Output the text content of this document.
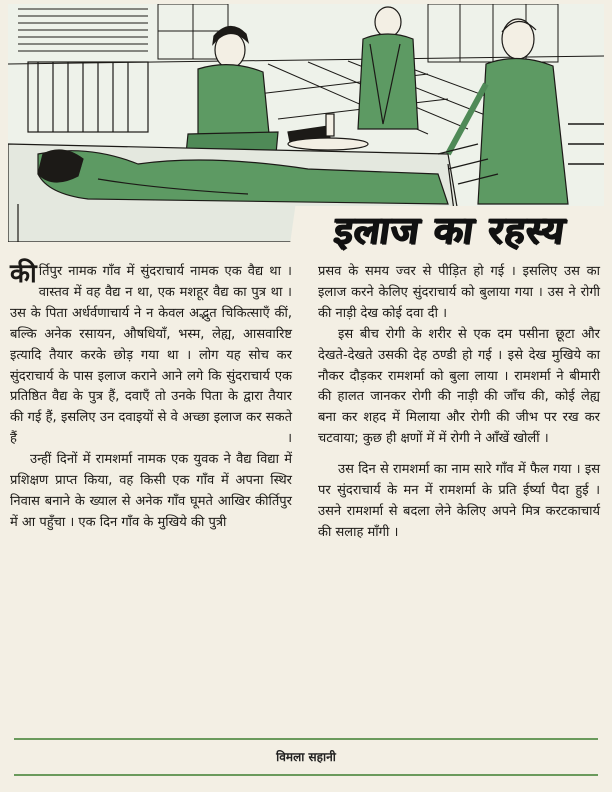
इलाज का रहस्य

कीर्तिपुर नामक गाँव में सुंदराचार्य नामक एक वैद्य था । वास्तव में वह वैद्य न था, एक मशहूर वैद्य का पुत्र था । उस के पिता अर्धर्वणाचार्य ने न केवल अद्भुत चिकित्साएँ कीं, बल्कि अनेक रसायन, औषधियाँ, भस्म, लेह्य, आसवारिष्ट इत्यादि तैयार करके छोड़ गया था । लोग यह सोच कर सुंदराचार्य के पास इलाज कराने आने लगे कि सुंदराचार्य एक प्रतिष्ठित वैद्य के पुत्र हैं, दवाएँ तो उनके पिता के द्वारा तैयार की गई हैं, इसलिए उन दवाइयों से वे अच्छा इलाज कर सकते हैं ।

उन्हीं दिनों में रामशर्मा नामक एक युवक ने वैद्य विद्या में प्रशिक्षण प्राप्त किया, वह किसी एक गाँव में अपना स्थिर निवास बनाने के ख्याल से अनेक गाँव घूमते आखिर कीर्तिपुर में आ पहुँचा । एक दिन गाँव के मुखिये की पुत्री

प्रसव के समय ज्वर से पीड़ित हो गई । इसलिए उस का इलाज करने केलिए सुंदराचार्य को बुलाया गया । उस ने रोगी की नाड़ी देख कोई दवा दी ।

इस बीच रोगी के शरीर से एक दम पसीना छूटा और देखते-देखते उसकी देह ठण्डी हो गई । इसे देख मुखिये का नौकर दौड़कर रामशर्मा को बुला लाया । रामशर्मा ने बीमारी की हालत जानकर रोगी की नाड़ी की जाँच की, कोई लेह्य बना कर शहद में मिलाया और रोगी की जीभ पर रख कर चटवाया; कुछ ही क्षणों में में रोगी ने आँखें खोलीं ।

उस दिन से रामशर्मा का नाम सारे गाँव में फैल गया । इस पर सुंदराचार्य के मन में रामशर्मा के प्रति ईर्ष्या पैदा हुई । उसने रामशर्मा से बदला लेने केलिए अपने मित्र करटकाचार्य की सलाह माँगी ।

विमला सहानी
